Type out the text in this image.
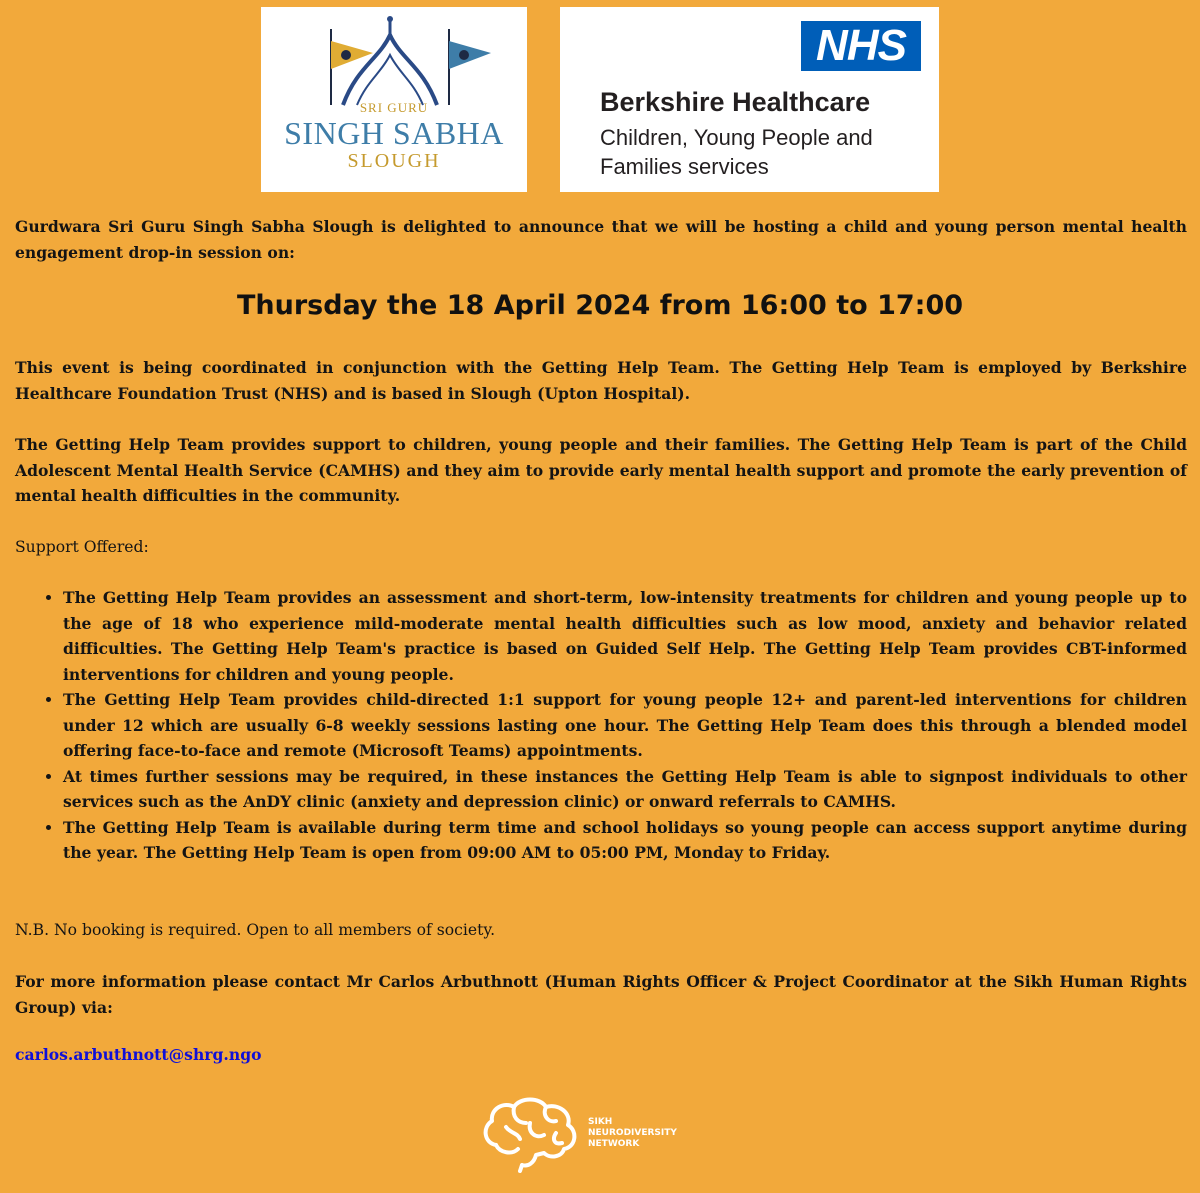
SRI GURU
SINGH SABHA
SLOUGH
NHS
Berkshire Healthcare
Children, Young People and
Families services
Gurdwara Sri Guru Singh Sabha Slough is delighted to announce that we will be hosting a child and young person mental health engagement drop-in session on:
Thursday the 18 April 2024 from 16:00 to 17:00
This event is being coordinated in conjunction with the Getting Help Team. The Getting Help Team is employed by Berkshire Healthcare Foundation Trust (NHS) and is based in Slough (Upton Hospital).
The Getting Help Team provides support to children, young people and their families. The Getting Help Team is part of the Child Adolescent Mental Health Service (CAMHS) and they aim to provide early mental health support and promote the early prevention of mental health difficulties in the community.
Support Offered:
• The Getting Help Team provides an assessment and short-term, low-intensity treatments for children and young people up to the age of 18 who experience mild-moderate mental health difficulties such as low mood, anxiety and behavior related difficulties. The Getting Help Team's practice is based on Guided Self Help. The Getting Help Team provides CBT-informed interventions for children and young people.
• The Getting Help Team provides child-directed 1:1 support for young people 12+ and parent-led interventions for children under 12 which are usually 6-8 weekly sessions lasting one hour. The Getting Help Team does this through a blended model offering face-to-face and remote (Microsoft Teams) appointments.
• At times further sessions may be required, in these instances the Getting Help Team is able to signpost individuals to other services such as the AnDY clinic (anxiety and depression clinic) or onward referrals to CAMHS.
• The Getting Help Team is available during term time and school holidays so young people can access support anytime during the year. The Getting Help Team is open from 09:00 AM to 05:00 PM, Monday to Friday.
N.B. No booking is required. Open to all members of society.
For more information please contact Mr Carlos Arbuthnott (Human Rights Officer & Project Coordinator at the Sikh Human Rights Group) via:
carlos.arbuthnott@shrg.ngo
SIKH
NEURODIVERSITY
NETWORK
